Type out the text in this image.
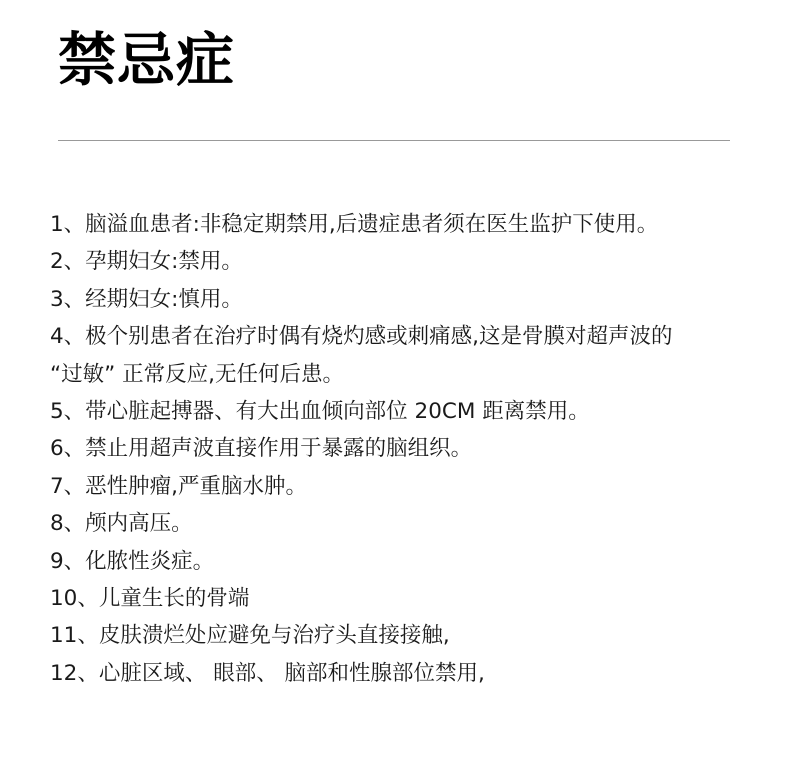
禁忌症
1、脑溢血患者:非稳定期禁用,后遗症患者须在医生监护下使用。
2、孕期妇女:禁用。
3、经期妇女:慎用。
4、极个别患者在治疗时偶有烧灼感或刺痛感,这是骨膜对超声波的
“过敏” 正常反应,无任何后患。
5、带心脏起搏器、有大出血倾向部位 20CM 距离禁用。
6、禁止用超声波直接作用于暴露的脑组织。
7、恶性肿瘤,严重脑水肿。
8、颅内高压。
9、化脓性炎症。
10、儿童生长的骨端
11、皮肤溃烂处应避免与治疗头直接接触,
12、心脏区域、 眼部、 脑部和性腺部位禁用,
